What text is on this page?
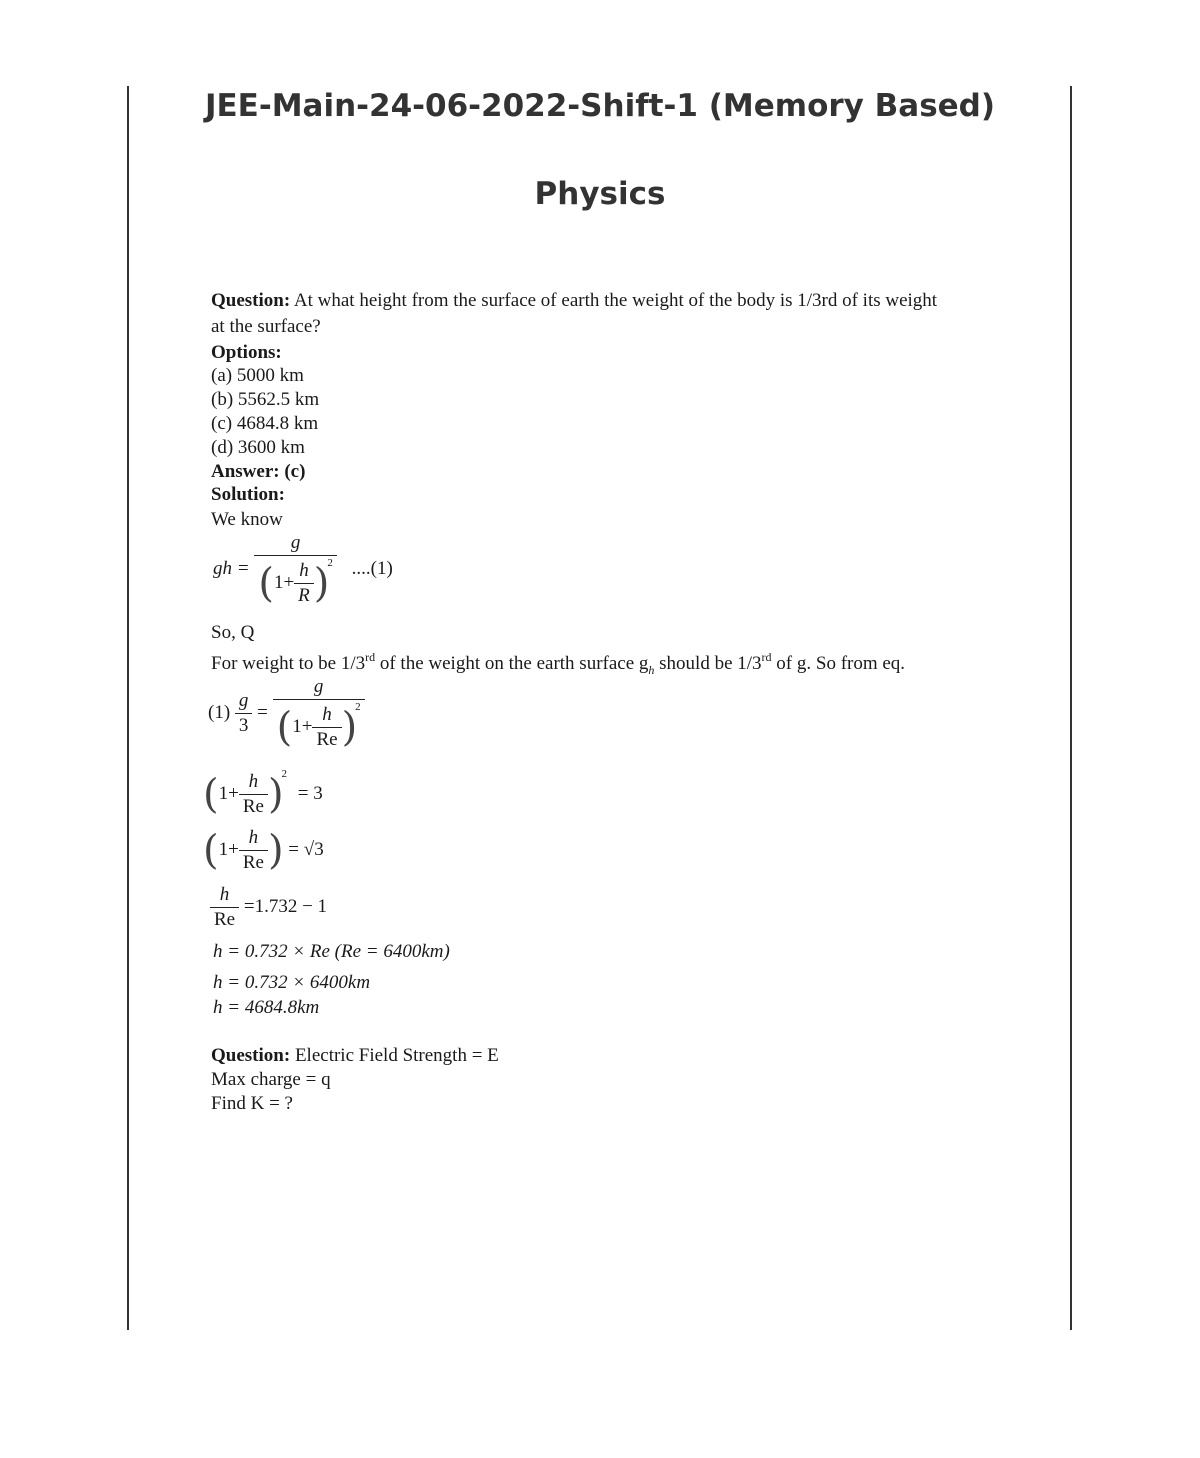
JEE-Main-24-06-2022-Shift-1 (Memory Based)
Physics
Question: At what height from the surface of earth the weight of the body is 1/3rd of its weight
at the surface?
Options:
(a) 5000 km
(b) 5562.5 km
(c) 4684.8 km
(d) 3600 km
Answer: (c)
Solution:
We know
gh = $\frac{g}{(1+ \frac{h}{R} )^2} ....(1)$
So, Q
For weight to be 1/3rd of the weight on the earth surface $g_h$ should be 1/3rd of g. So from eq.
$(1) \frac{g}{3} = \frac{g}{(1+ \frac{h}{Re} )^2}$
$(1+ \frac{h}{Re} )^2 = 3$
($1+ \frac{h}{Re}$ ) = √3
$\frac{h}{Re} =1.732 - 1$
h = 0.732 × Re (Re = 6400km)
h = 0.732 × 6400km
h = 4684.8km
Question: Electric Field Strength = E
Max charge = q
Find K = ?
